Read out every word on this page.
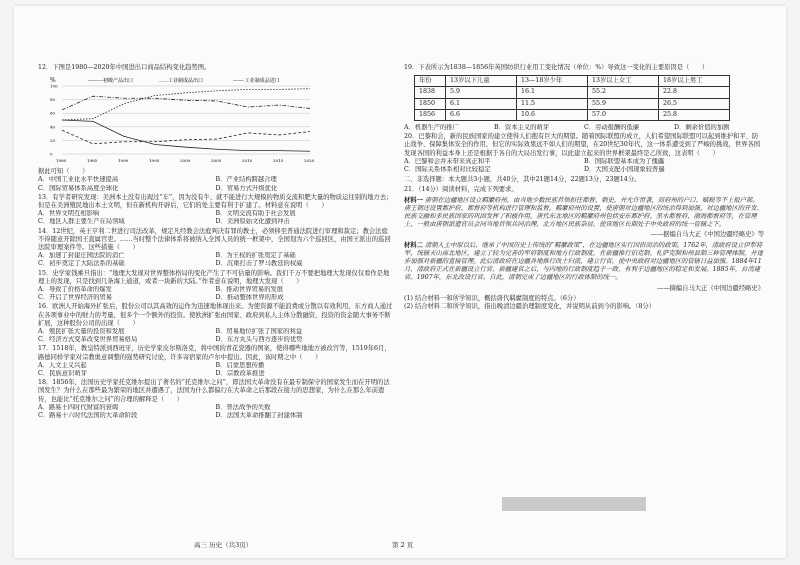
12．下图是1980—2020年中国进出口商品结构变化趋势图。
%	———初级产品出口	……工业制成品出口	——·工业制成品进口
0
20
40
60
80
100
1980	1985	1990	1995	2000	2005	2010	2015	2020
据此可知（　　）
A．中国工业化水平快速提高	B．产业结构跨越合理
C．国际贸易体系高度全球化	D．贸易方式升级优化
13．有学者研究发现：美洲本土没有出现过“车”，因为没有牛、就不能进行大规模的物质交流和肥大量的物质运往别的地方去；但是在美洲殖民地出本土文明，但在新机构开辟后，它们的处主要有利于扩建了。材料意在说明（　　）
A．世界文明互相影响	B．文明交流有助于社会发展
C．地区人群主要生产在局领域	D．美洲原始文化遭到冲击
14．12世纪，英王亨利二世进行司法改革，规定凡经教会法庭判决有罪的教士，必须移至普通法院进行审理和裁定；教会法庭不得随意开除国王直属官吏。……当时整个法律体系将被纳入全国人员的统一框架中，全国划为六个巡回区，由国王派出的巡回法院审理案件等。这些措施（　　）
A．加速了封建庄园法院的消亡	B．为王权的扩张奠定了基础
C．初步奠定了大陆法系的基础	D．沉重打击了罗马教廷的权威
15．史学家钱乘旦指出：“地理大发现对世界整体格局的变化产生了不可估量的影响。我们千万不要把地理大发现仅仅看作是地理上的发现，只是找到几条海上通道，或者一块新的大陆。”作者意在说明，地理大发现（　　）
A．导致了价格革命的爆发	B．推动世界贸易的发展
C．开启了世界经济的贸易	D．推动整体世界的形成
16．欧洲人开始海外扩张后，股份公司以其高效的运作为迅速地体现出来。为使资源不能浪费或分散以有效利用，东方商人通过在各项事业中的财力的考量，很多个一个额外的投资。使欧洲扩张由国家、政府到私人主体分散融资，投资的资金随大事务不断扩展，这种股份公司的出现（　　）
A．殖民扩张大量的投资和发展	B．贸易地位扩张了国家的利益
C．经济方式变革改变世界贸易格局	D．东方丸头与西方逐步的优势
17．1518年，教皇特派到西班牙，历史学家皮尔斯洛克，将中国的青花瓷器的图案，使得哪些地地方被改宫等，1519年6月，路德同样学家对宗教奥意调整的强势研究讨论，许多寄宿家的卢尔中提出。因此，该时期之中（　　）
A．人文主义兴起	B．启蒙思想传播
C．民族意识萌芽	D．宗教改革推进
18．1856年，法国历史学家托克维尔提出了著名的“托克维尔之问”，即法国大革命没有在最专制保守的国家发生而在开明的法国发生？为什么在那些最为繁荣的地区并遭遇了，法国为什么都偏行在大革命之后那段在接力的思想家，为什么在那么年前遗传，也能比“托克维尔之问”的合理的解释是（　　）
A．路易十四时代财富的衰竭	B．普法战争的失败
C．路易十六时代法国的大革命阶段	D．法国大革命推翻了封建体制
19．下表所示为1838—1856年英国纺织行业用工变化情况（单位：%）导致这一变化的主要原因是（　　）
年份	13岁以下儿童	13—18岁少年	13岁以上女工	18岁以上男工
1838	5.9	16.1	55.2	22.8
1850	6.1	11.5	55.9	26.5
1856	6.6	10.6	57.0	25.8
A．机器生产的推广	B．资本主义的萌芽	C．劳动报酬的低廉	D．剩余价值的加剧
20．巴黎和会，新的民族国家的建立使得人们抱有巨大的期望。随着国际联盟的成立，人们希望国际联盟可以起到维护和平、防止战争、保障集体安全的作用，但它的实际效果远不如人们的期望，在20世纪30年代，这一体系遭受到了严峻的挑战，世界各国发现各国的利益本身上还是根据于各自的大局出发行事，以此建立起来的世界框架最终是乙所致，这表明（　　）
A．巴黎和会并未带来真正和平	B．国际联盟基本成为了傀儡
C．国际关系体系相对比较稳定	D．大国支配小国现象较普遍
二、非选择题：本大题共3小题，共40分，其中21题14分，22题13分，23题14分。
21．（14分）阅读材料，完成下列要求。
材料一 唐朝在边疆地区设立羁縻府州，由当地少数民族首领担任都督、刺史，并允许世袭，而府州的户口、赋税等不上报户部。唐王朝还设置都护府、都督府等机构进行管理和监督。羁縻府州的设置，使唐朝对边疆地区的统治得到加强，对边疆地区的开发、民族交融和多民族国家的巩固发挥了积极作用。唐代东北地区的羁縻府州包括安东都护府、黑水都督府、渤海都督府等，在管理上，一般由唐朝派遣官员会同当地首领共同治理，北方地区民族杂居，使该地区长期处于中央政府的统一管辖之下。
——据编自马大正《中国边疆经略史》等
材料二 清朝入主中原以后，继承了中国历史上传统的“羁縻政策”，在边疆地区实行因俗而治的政策。1762年，清政府设立伊犁将军，统辖天山南北地区，建立了较为完善的军府制度和地方行政制度，在新疆推行伯克制、札萨克制和州县制三种管理体制，并逐步加强对新疆的直接管理。此后清政府在边疆各地推行改土归流，建立行省，使中央政府对边疆地区的管辖日益加强。1884年11月，清政府正式在新疆设立行省，新疆建省之后，与内地的行政制度趋于一致，有利于边疆地区的稳定和发展。1885年，台湾建省。1907年，东北改设行省。自此，清朝完成了边疆地区的行政体制的统一。
——摘编自马大正《中国边疆经略史》
(1) 结合材料一和所学知识，概括唐代羁縻制度的特点。（6分）
(2) 结合材料二和所学知识，指出晚清边疆治理制度变化，并说明从前到今的影响。（8分）
高三 历史（共3页）	第 2 页
